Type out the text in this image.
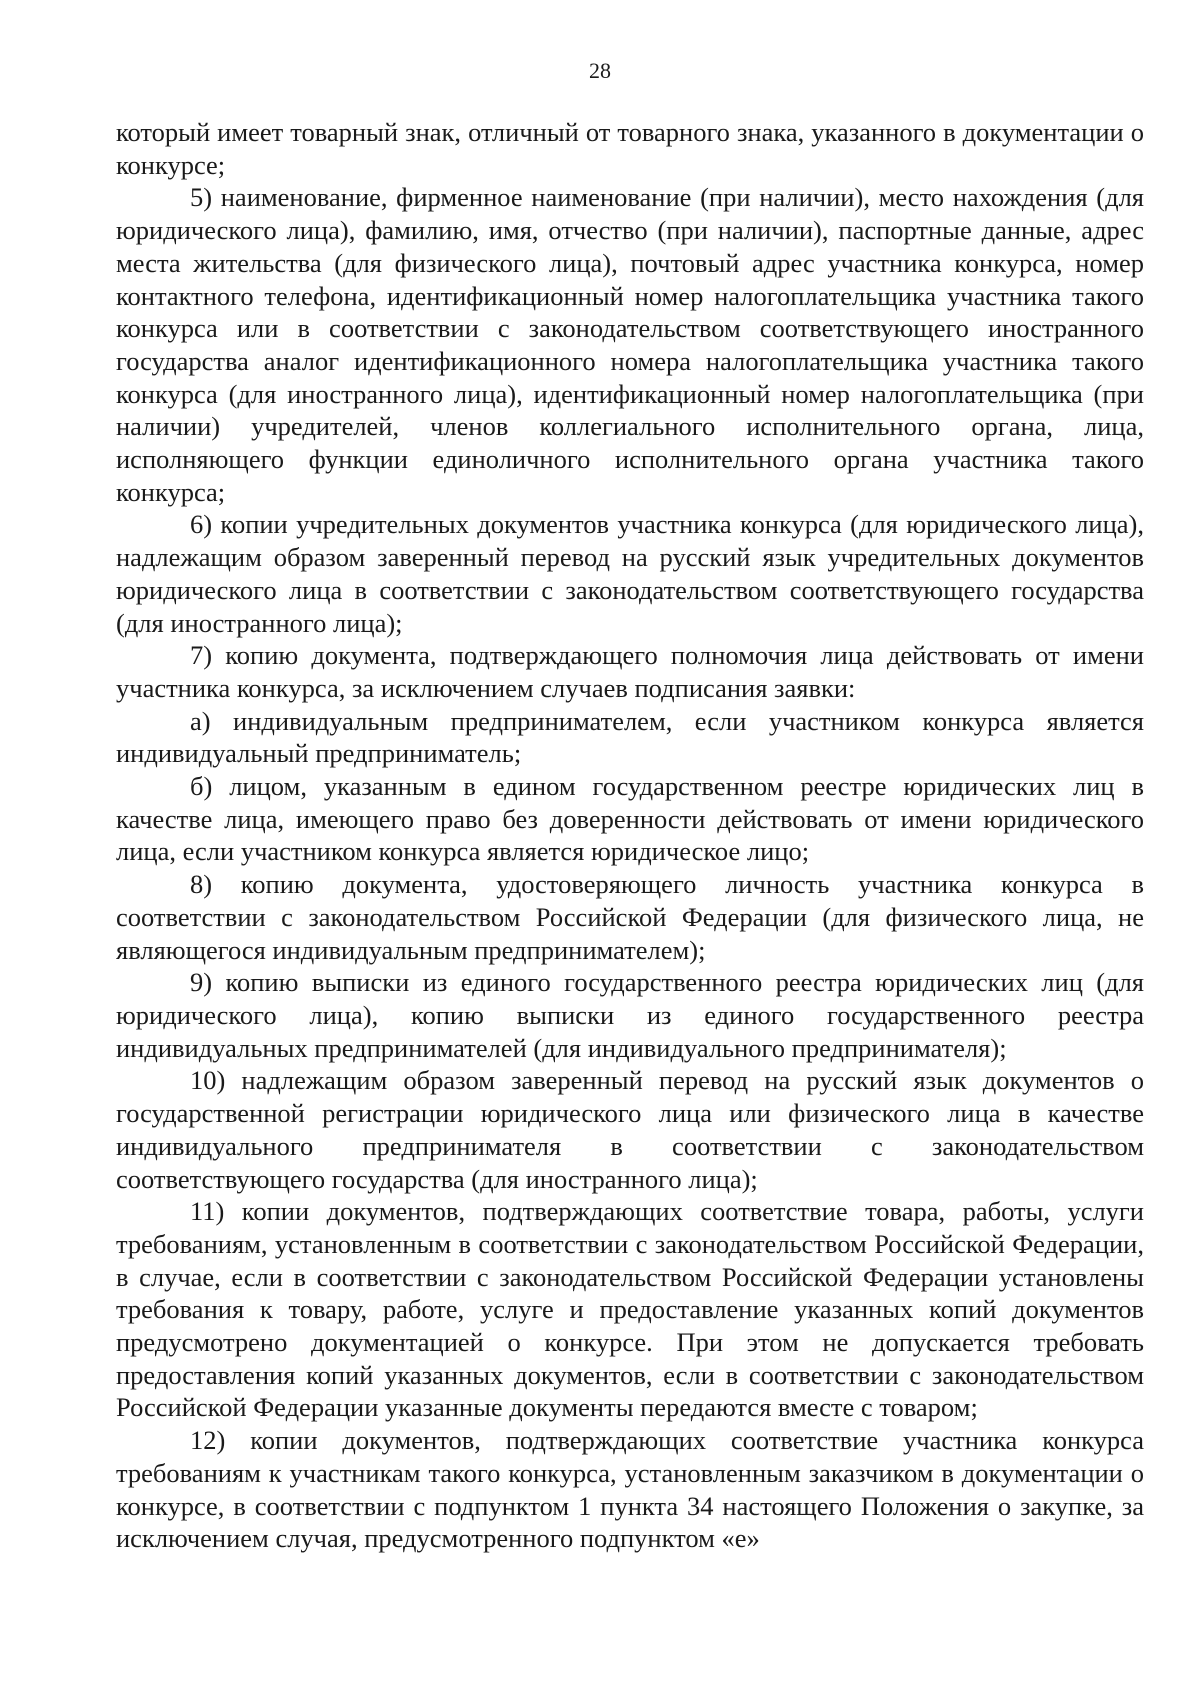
28

который имеет товарный знак, отличный от товарного знака, указанного в документации о конкурсе;

5) наименование, фирменное наименование (при наличии), место нахождения (для юридического лица), фамилию, имя, отчество (при наличии), паспортные данные, адрес места жительства (для физического лица), почтовый адрес участника конкурса, номер контактного телефона, идентификационный номер налогоплательщика участника такого конкурса или в соответствии с законодательством соответствующего иностранного государства аналог идентификационного номера налогоплательщика участника такого конкурса (для иностранного лица), идентификационный номер налогоплательщика (при наличии) учредителей, членов коллегиального исполнительного органа, лица, исполняющего функции единоличного исполнительного органа участника такого конкурса;

6) копии учредительных документов участника конкурса (для юридического лица), надлежащим образом заверенный перевод на русский язык учредительных документов юридического лица в соответствии с законодательством соответствующего государства (для иностранного лица);

7) копию документа, подтверждающего полномочия лица действовать от имени участника конкурса, за исключением случаев подписания заявки:

а) индивидуальным предпринимателем, если участником конкурса является индивидуальный предприниматель;

б) лицом, указанным в едином государственном реестре юридических лиц в качестве лица, имеющего право без доверенности действовать от имени юридического лица, если участником конкурса является юридическое лицо;

8) копию документа, удостоверяющего личность участника конкурса в соответствии с законодательством Российской Федерации (для физического лица, не являющегося индивидуальным предпринимателем);

9) копию выписки из единого государственного реестра юридических лиц (для юридического лица), копию выписки из единого государственного реестра индивидуальных предпринимателей (для индивидуального предпринимателя);

10) надлежащим образом заверенный перевод на русский язык документов о государственной регистрации юридического лица или физического лица в качестве индивидуального предпринимателя в соответствии с законодательством соответствующего государства (для иностранного лица);

11) копии документов, подтверждающих соответствие товара, работы, услуги требованиям, установленным в соответствии с законодательством Российской Федерации, в случае, если в соответствии с законодательством Российской Федерации установлены требования к товару, работе, услуге и предоставление указанных копий документов предусмотрено документацией о конкурсе. При этом не допускается требовать предоставления копий указанных документов, если в соответствии с законодательством Российской Федерации указанные документы передаются вместе с товаром;

12) копии документов, подтверждающих соответствие участника конкурса требованиям к участникам такого конкурса, установленным заказчиком в документации о конкурсе, в соответствии с подпунктом 1 пункта 34 настоящего Положения о закупке, за исключением случая, предусмотренного подпунктом «е»
